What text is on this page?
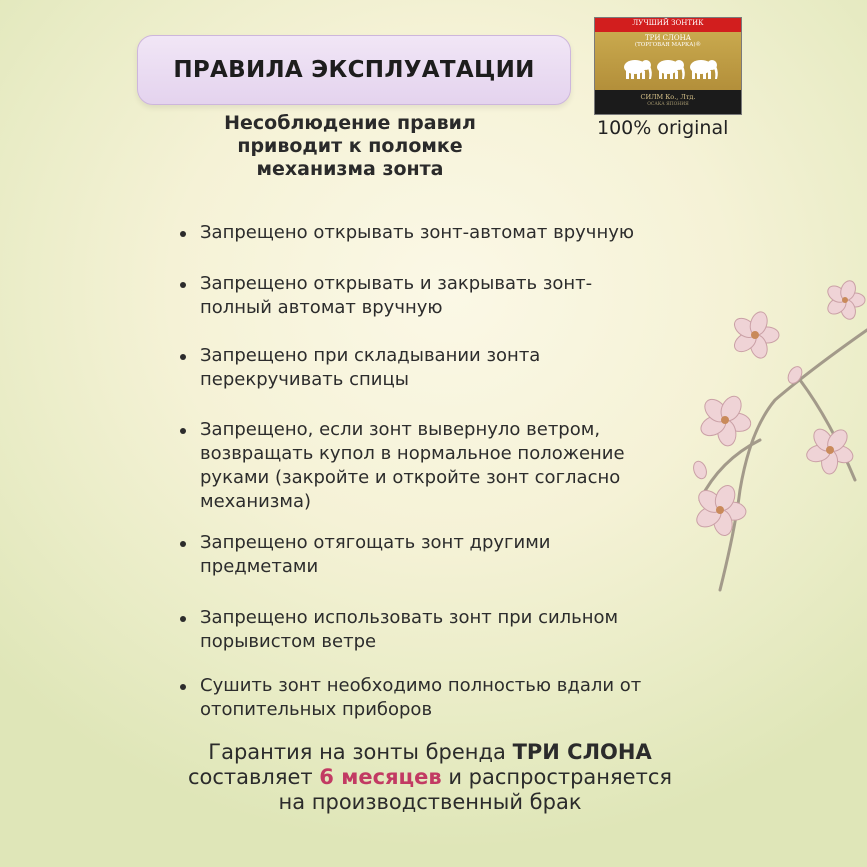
ПРАВИЛА ЭКСПЛУАТАЦИИ
Несоблюдение правил
приводит к поломке
механизма зонта
ЛУЧШИЙ ЗОНТИК
ТРИ СЛОНА
(ТОРГОВАЯ МАРКА)®
СИЛМ Ко., Лтд.
ОСАКА ЯПОНИЯ
100% original
Запрещено открывать зонт-автомат вручную
Запрещено открывать и закрывать зонт-
полный автомат вручную
Запрещено при складывании зонта
перекручивать спицы
Запрещено, если зонт вывернуло ветром,
возвращать купол в нормальное положение
руками (закройте и откройте зонт согласно
механизма)
Запрещено отягощать зонт другими
предметами
Запрещено использовать зонт при сильном
порывистом ветре
Сушить зонт необходимо полностью вдали от
отопительных приборов
Гарантия на зонты бренда ТРИ СЛОНА
составляет 6 месяцев и распространяется
на производственный брак
